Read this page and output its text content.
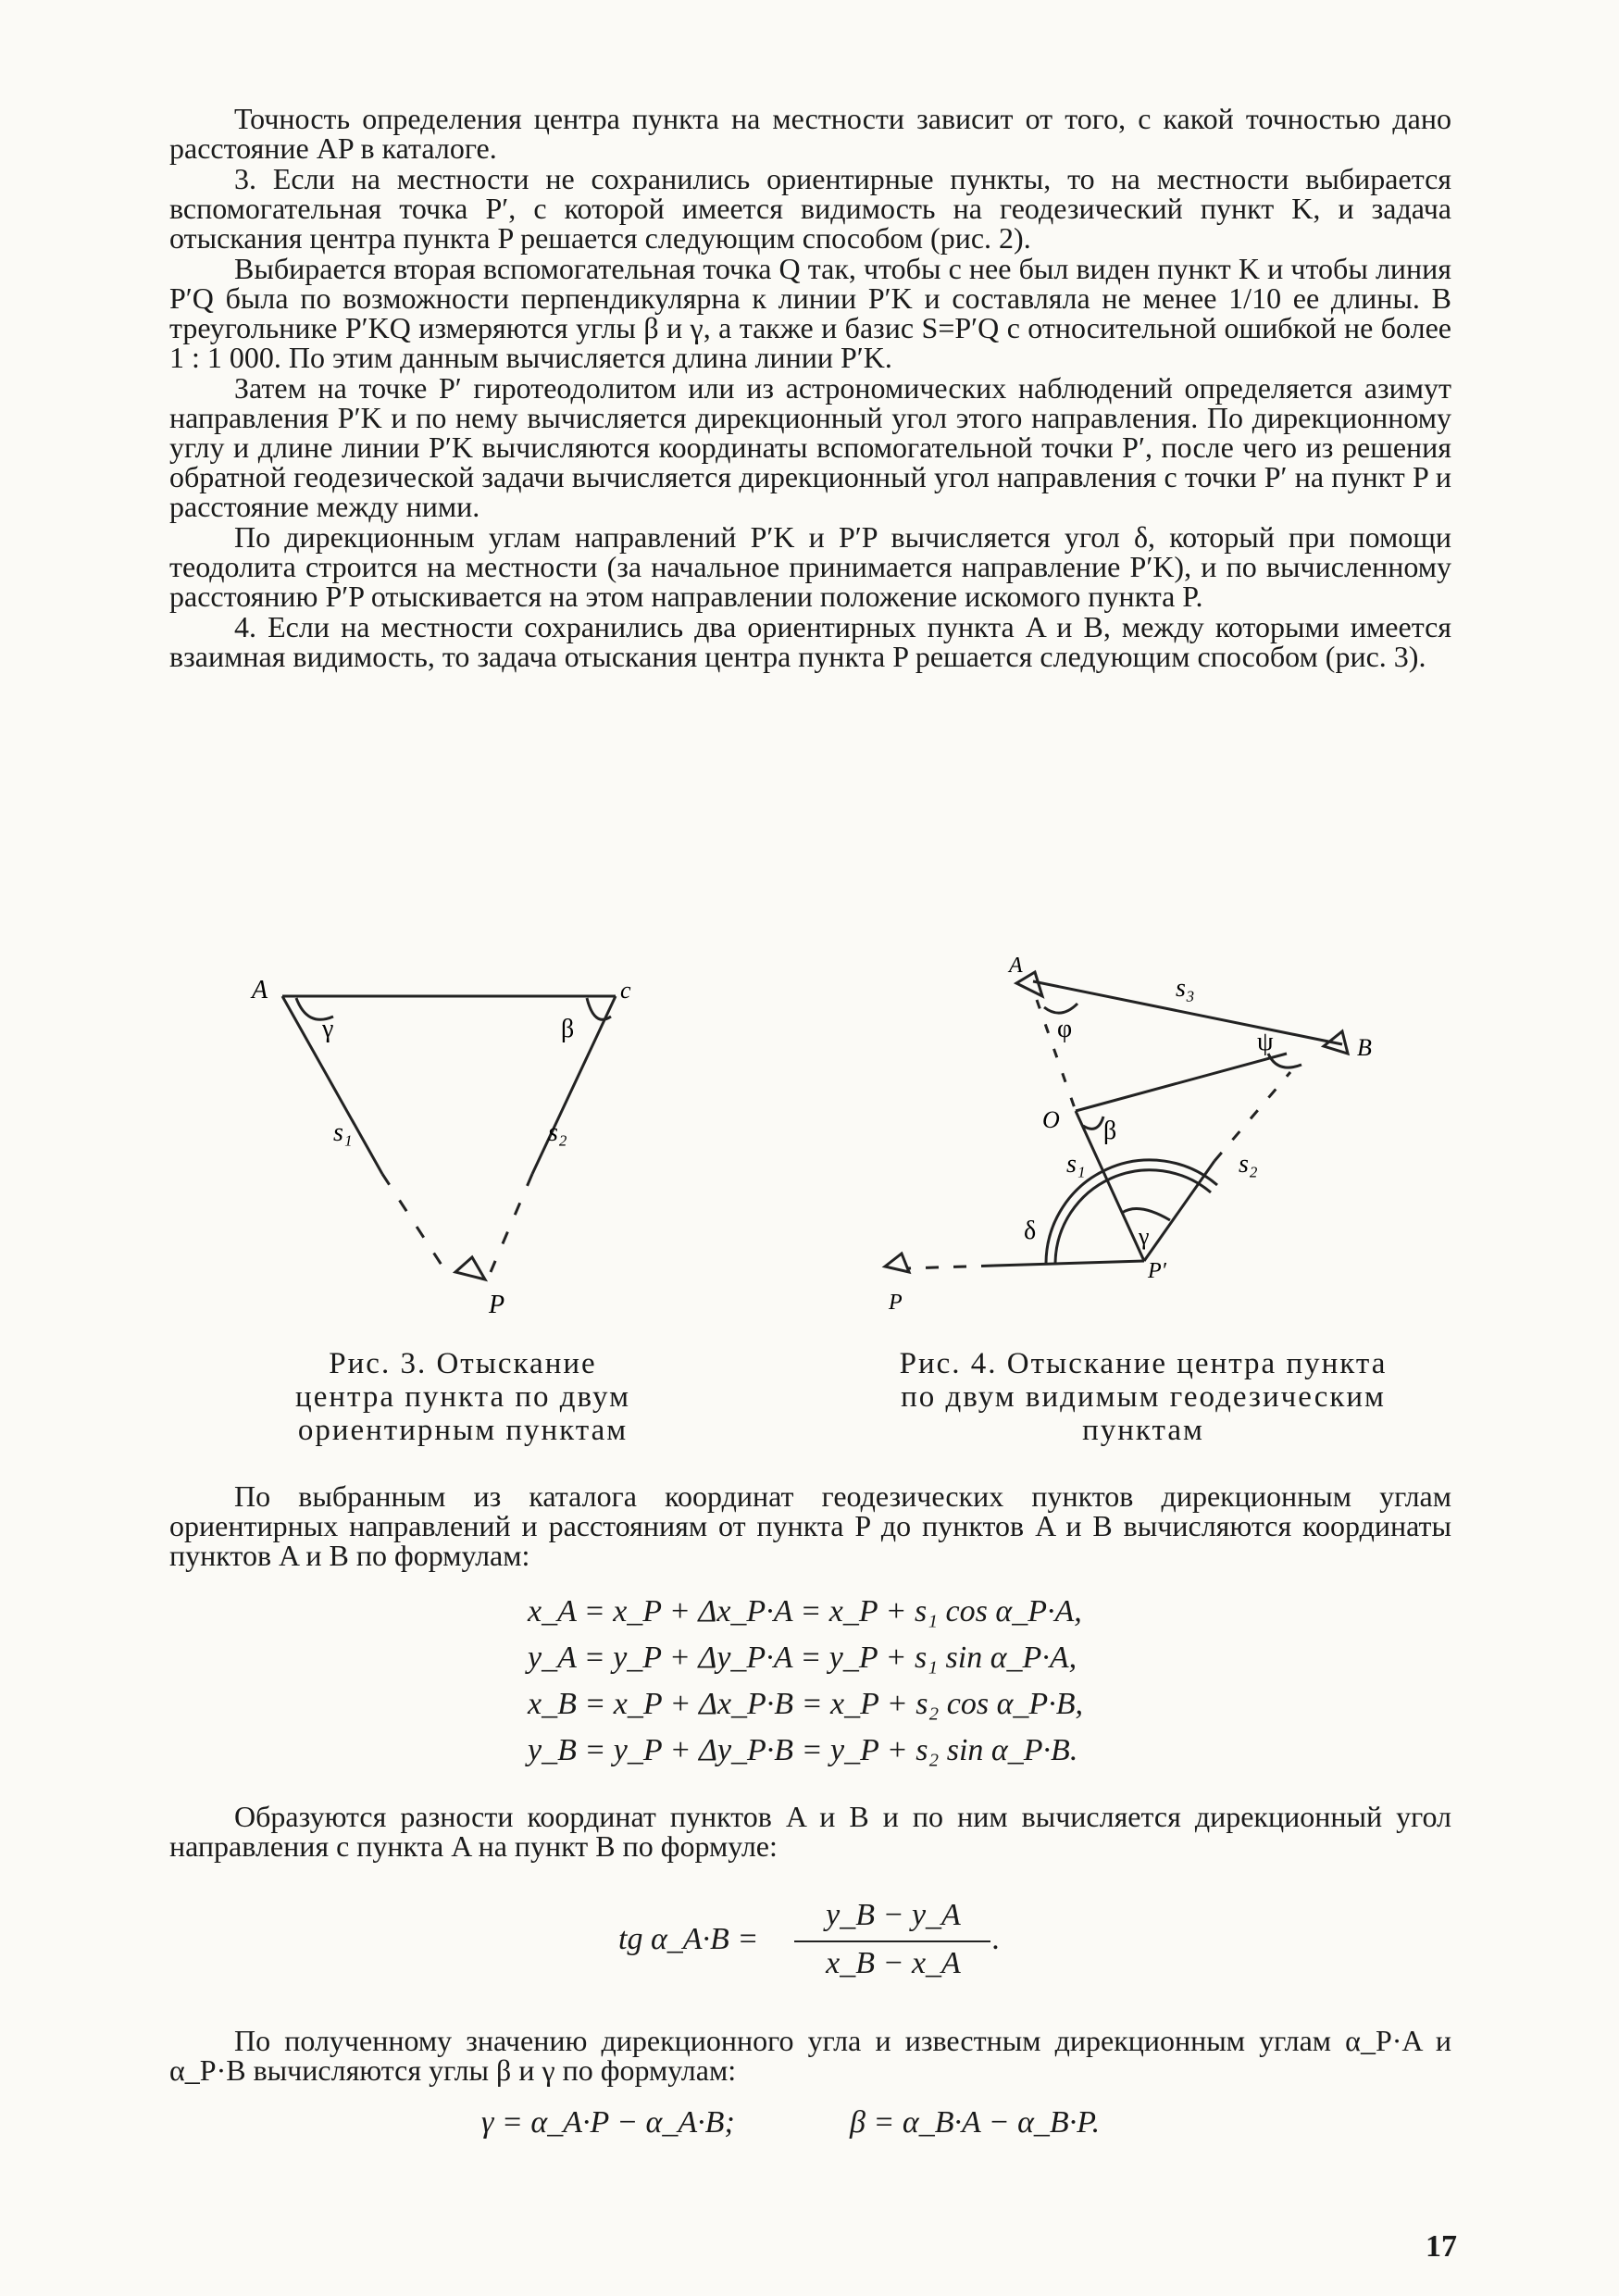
Точность определения центра пункта на местности зависит от того, с какой точностью дано расстояние AP в каталоге.

3. Если на местности не сохранились ориентирные пункты, то на местности выбирается вспомогательная точка P′, с которой имеется видимость на геодезический пункт K, и задача отыскания центра пункта P решается следующим способом (рис. 2).

Выбирается вторая вспомогательная точка Q так, чтобы с нее был виден пункт K и чтобы линия P′Q была по возможности перпендикулярна к линии P′K и составляла не менее 1/10 ее длины. В треугольнике P′KQ измеряются углы β и γ, а также и базис S=P′Q с относительной ошибкой не более 1 : 1 000. По этим данным вычисляется длина линии P′K.

Затем на точке P′ гиротеодолитом или из астрономических наблюдений определяется азимут направления P′K и по нему вычисляется дирекционный угол этого направления. По дирекционному углу и длине линии P′K вычисляются координаты вспомогательной точки P′, после чего из решения обратной геодезической задачи вычисляется дирекционный угол направления с точки P′ на пункт P и расстояние между ними.

По дирекционным углам направлений P′K и P′P вычисляется угол δ, который при помощи теодолита строится на местности (за начальное принимается направление P′K), и по вычисленному расстоянию P′P отыскивается на этом направлении положение искомого пункта P.

4. Если на местности сохранились два ориентирных пункта A и B, между которыми имеется взаимная видимость, то задача отыскания центра пункта P решается следующим способом (рис. 3).

A	c
γ	β
s₁	s₂
P
Рис. 3. Отыскание
центра пункта по двум
ориентирным пунктам
A
B
s₃
φ	ψ
O β
s₁	s₂
δ	γ
P
P′
Рис. 4. Отыскание центра пункта
по двум видимым геодезическим
пунктам

По выбранным из каталога координат геодезических пунктов дирекционным углам ориентирных направлений и расстояниям от пункта P до пунктов A и B вычисляются координаты пунктов A и B по формулам:

x_A = x_P + Δx_P·A = x_P + s₁ cos α_P·A,
y_A = y_P + Δy_P·A = y_P + s₁ sin α_P·A,
x_B = x_P + Δx_P·B = x_P + s₂ cos α_P·B,
y_B = y_P + Δy_P·B = y_P + s₂ sin α_P·B.

Образуются разности координат пунктов A и B и по ним вычисляется дирекционный угол направления с пункта A на пункт B по формуле:

tg α_A·B =
y_B − y_A
x_B − x_A
.

По полученному значению дирекционного угла и известным дирекционным углам α_P·A и α_P·B вычисляются углы β и γ по формулам:

γ = α_A·P − α_A·B;	β = α_B·A − α_B·P.
17
